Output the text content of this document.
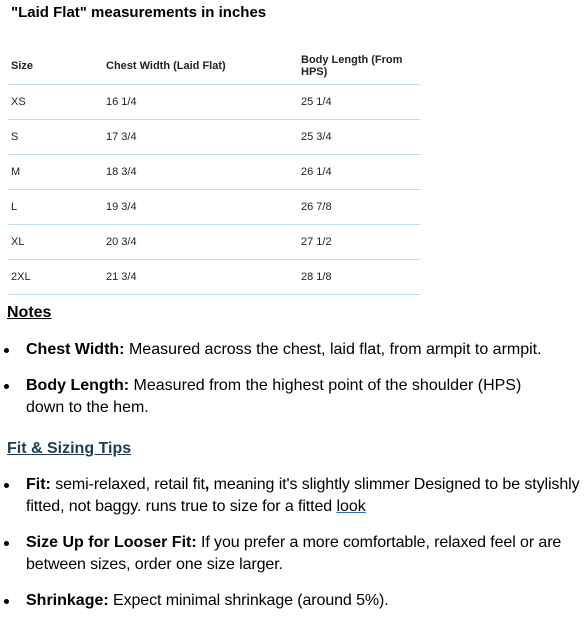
"Laid Flat" measurements in inches
Size	Chest Width (Laid Flat)	Body Length (From HPS)
XS	16 1/4	25 1/4
S	17 3/4	25 3/4
M	18 3/4	26 1/4
L	19 3/4	26 7/8
XL	20 3/4	27 1/2
2XL	21 3/4	28 1/8
Notes
Chest Width: Measured across the chest, laid flat, from armpit to armpit.
Body Length: Measured from the highest point of the shoulder (HPS)
down to the hem.
Fit & Sizing Tips
Fit: semi-relaxed, retail fit, meaning it's slightly slimmer Designed to be stylishly fitted, not baggy. runs true to size for a fitted look
Size Up for Looser Fit: If you prefer a more comfortable, relaxed feel or are between sizes, order one size larger.
Shrinkage: Expect minimal shrinkage (around 5%).
